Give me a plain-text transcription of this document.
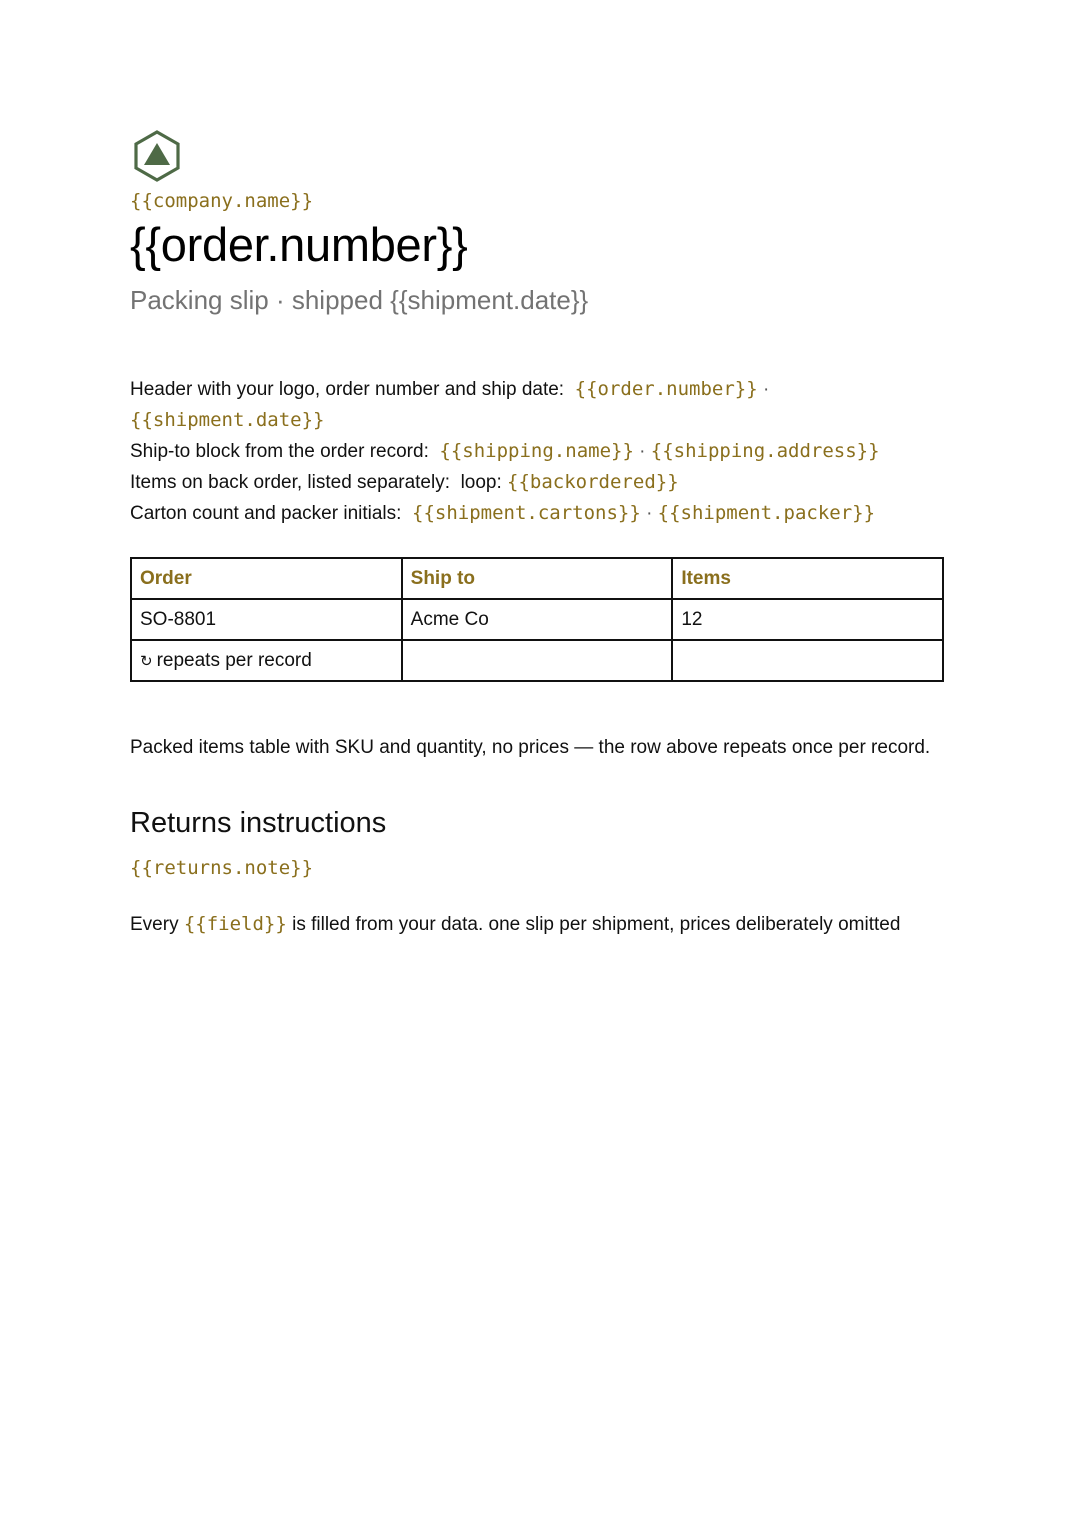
{{company.name}}
{{order.number}}
Packing slip · shipped {{shipment.date}}
Header with your logo, order number and ship date: {{order.number}} · {{shipment.date}}
Ship-to block from the order record: {{shipping.name}} · {{shipping.address}}
Items on back order, listed separately: loop: {{backordered}}
Carton count and packer initials: {{shipment.cartons}} · {{shipment.packer}}
Order	Ship to	Items
SO-8801	Acme Co	12
↻ repeats per record		
Packed items table with SKU and quantity, no prices — the row above repeats once per record.
Returns instructions
{{returns.note}}
Every {{field}} is filled from your data. one slip per shipment, prices deliberately omitted
